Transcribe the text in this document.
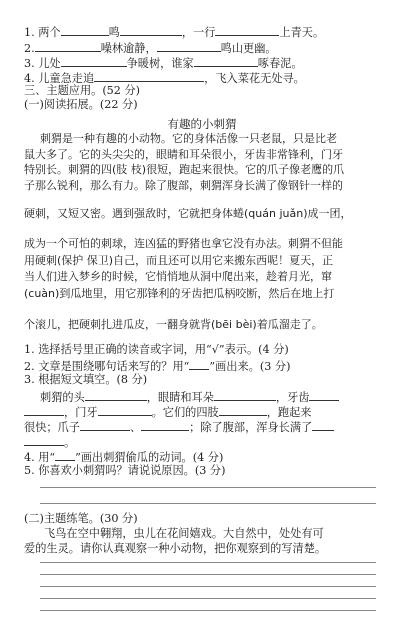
1. 两个	鸣	，一行	上青天。
2.	噪林逾静，	鸣山更幽。
3. 儿处	争暖树，谁家	啄春泥。
4. 儿童急走追	，飞入菜花无处寻。
三、主题应用。(52 分)
(一)阅读拓展。(22 分)
有趣的小刺猬
刺猬是一种有趣的小动物。它的身体活像一只老鼠，只是比老
鼠大多了。它的头尖尖的，眼睛和耳朵很小，牙齿非常锋利，门牙
特别长。刺猬的四(肢 枝)很短，跑起来很快。它的爪子像老鹰的爪
子那么锐利，那么有力。除了腹部，刺猬浑身长满了像钢针一样的
硬刺，又短又密。遇到强敌时，它就把身体蜷(quán juǎn)成一团，
成为一个可怕的刺球，连凶猛的野猪也拿它没有办法。刺猬不但能
用硬刺(保护 保卫)自己，而且还可以用它来搬东西呢！夏天，正
当人们进入梦乡的时候，它悄悄地从洞中爬出来，趁着月光，窜
(cuàn)到瓜地里，用它那锋利的牙齿把瓜柄咬断，然后在地上打
个滚儿，把硬刺扎进瓜皮，一翻身就背(bēi bèi)着瓜溜走了。
1. 选择括号里正确的读音或字词，用“√”表示。(4 分)
2. 文章是围绕哪句话来写的？用“ ”画出来。(3 分)
3. 根据短文填空。(8 分)
刺猬的头	，眼睛和耳朵	，牙齿
，门牙	。它们的四肢	，跑起来
很快；爪子	、	；除了腹部，浑身长满了
。
4. 用“ ”画出刺猬偷瓜的动词。(4 分)
5. 你喜欢小刺猬吗？请说说原因。(3 分)
(二)主题练笔。(30 分)
飞鸟在空中翱翔，虫儿在花间嬉戏。大自然中，处处有可
爱的生灵。请你认真观察一种小动物，把你观察到的写清楚。
